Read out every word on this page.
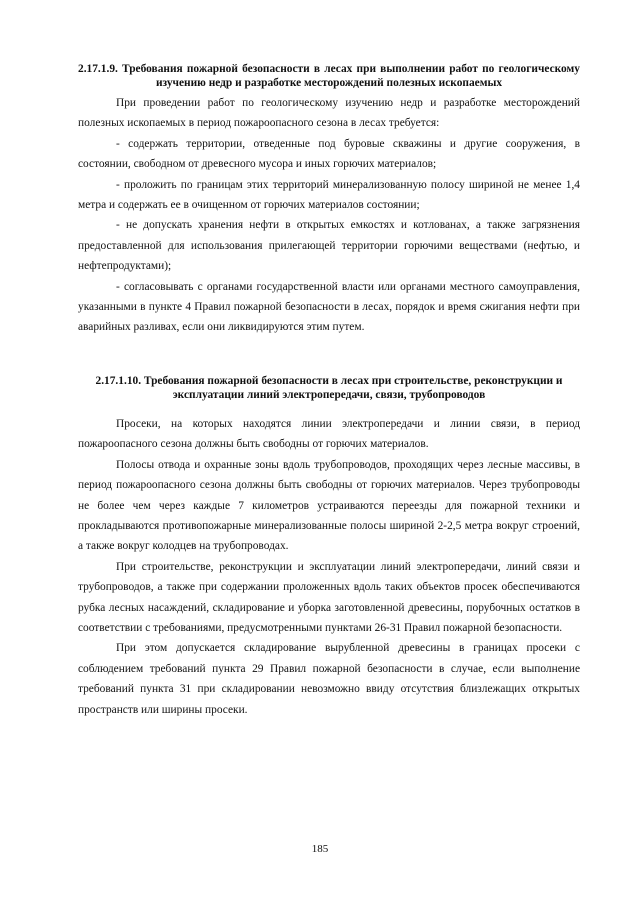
2.17.1.9. Требования пожарной безопасности в лесах при выполнении работ по геологическому изучению недр и разработке месторождений полезных ископаемых

При проведении работ по геологическому изучению недр и разработке месторождений полезных ископаемых в период пожароопасного сезона в лесах требуется:

- содержать территории, отведенные под буровые скважины и другие сооружения, в состоянии, свободном от древесного мусора и иных горючих материалов;

- проложить по границам этих территорий минерализованную полосу шириной не менее 1,4 метра и содержать ее в очищенном от горючих материалов состоянии;

- не допускать хранения нефти в открытых емкостях и котлованах, а также загрязнения предоставленной для использования прилегающей территории горючими веществами (нефтью, и нефтепродуктами);

- согласовывать с органами государственной власти или органами местного самоуправления, указанными в пункте 4 Правил пожарной безопасности в лесах, порядок и время сжигания нефти при аварийных разливах, если они ликвидируются этим путем.

2.17.1.10. Требования пожарной безопасности в лесах при строительстве, реконструкции и эксплуатации линий электропередачи, связи, трубопроводов

Просеки, на которых находятся линии электропередачи и линии связи, в период пожароопасного сезона должны быть свободны от горючих материалов.

Полосы отвода и охранные зоны вдоль трубопроводов, проходящих через лесные массивы, в период пожароопасного сезона должны быть свободны от горючих материалов. Через трубопроводы не более чем через каждые 7 километров устраиваются переезды для пожарной техники и прокладываются противопожарные минерализованные полосы шириной 2-2,5 метра вокруг строений, а также вокруг колодцев на трубопроводах.

При строительстве, реконструкции и эксплуатации линий электропередачи, линий связи и трубопроводов, а также при содержании проложенных вдоль таких объектов просек обеспечиваются рубка лесных насаждений, складирование и уборка заготовленной древесины, порубочных остатков в соответствии с требованиями, предусмотренными пунктами 26-31 Правил пожарной безопасности.

При этом допускается складирование вырубленной древесины в границах просеки с соблюдением требований пункта 29 Правил пожарной безопасности в случае, если выполнение требований пункта 31 при складировании невозможно ввиду отсутствия близлежащих открытых пространств или ширины просеки.

185
